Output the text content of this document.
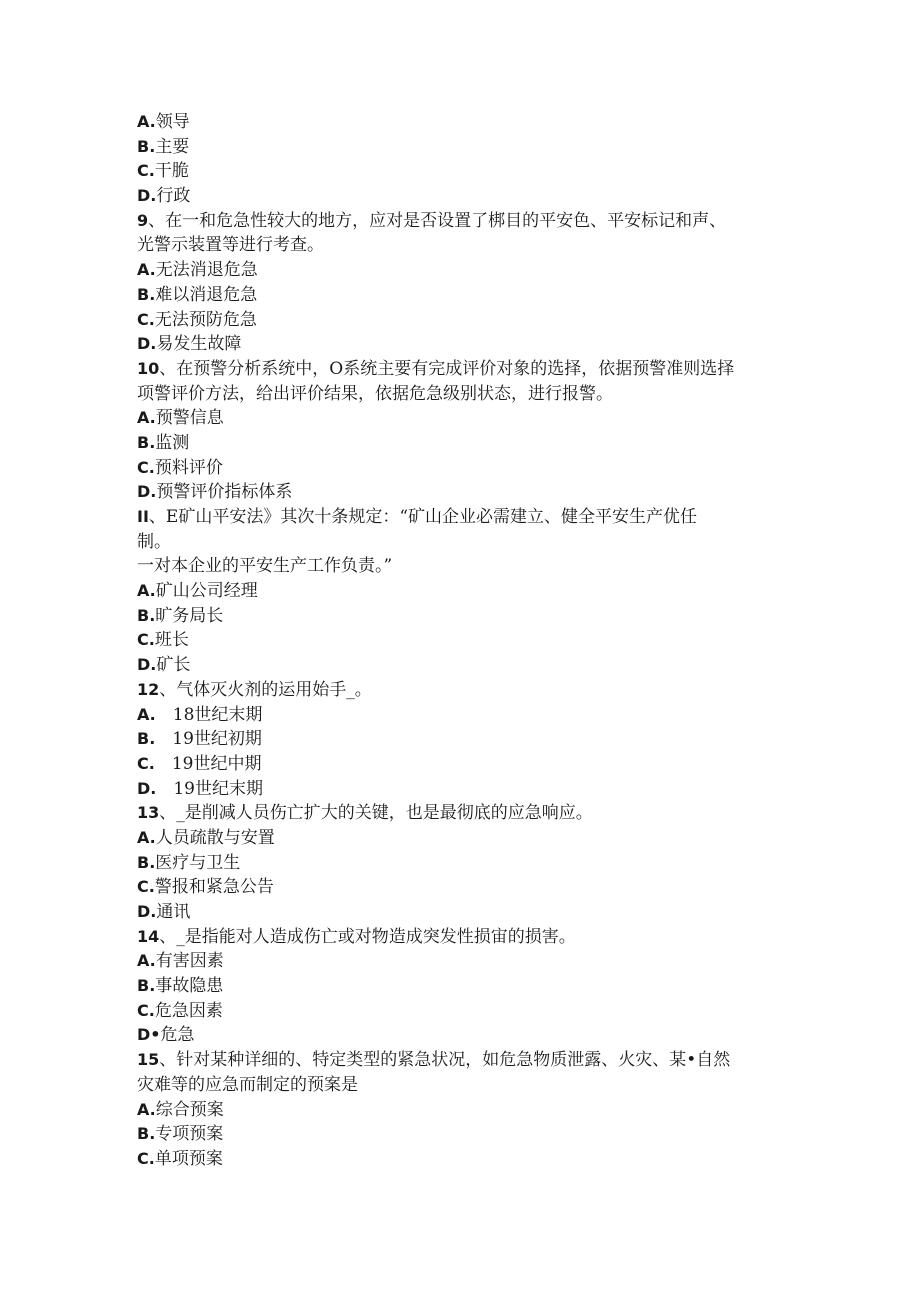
A.领导
B.主要
C.干脆
D.行政
9、在一和危急性较大的地方，应对是否设置了梆目的平安色、平安标记和声、
光警示装置等进行考查。
A.无法消退危急
B.难以消退危急
C.无法预防危急
D.易发生故障
10、在预警分析系统中，O系统主要有完成评价对象的选择，依据预警准则选择
项警评价方法，给出评价结果，依据危急级别状态，进行报警。
A.预警信息
B.监测
C.预料评价
D.预警评价指标体系
II、E矿山平安法》其次十条规定：“矿山企业必需建立、健全平安生产优任
制。
一对本企业的平安生产工作负责。”
A.矿山公司经理
B.旷务局长
C.班长
D.矿长
12、气体灭火剂的运用始手_。
A.　18世纪末期
B.　19世纪初期
C.　19世纪中期
D.　19世纪末期
13、_是削减人员伤亡扩大的关键，也是最彻底的应急响应。
A.人员疏散与安置
B.医疗与卫生
C.警报和紧急公告
D.通讯
14、_是指能对人造成伤亡或对物造成突发性损宙的损害。
A.有害因素
B.事故隐患
C.危急因素
D•危急
15、针对某种详细的、特定类型的紧急状况，如危急物质泄露、火灾、某•自然
灾难等的应急而制定的预案是
A.综合预案
B.专项预案
C.单项预案
